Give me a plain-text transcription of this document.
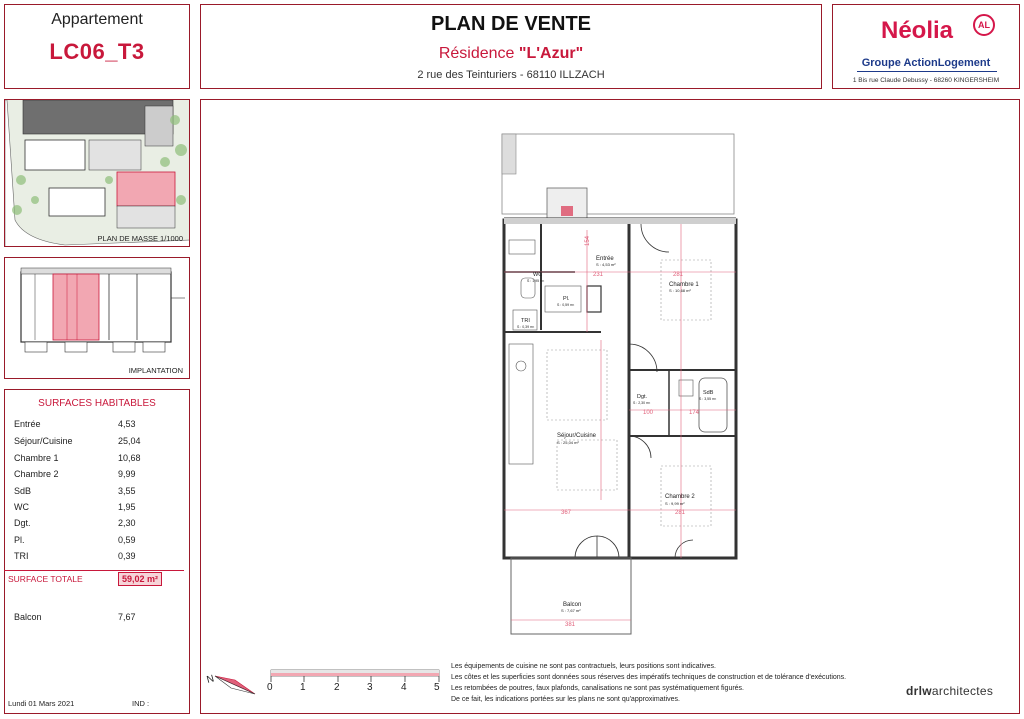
Appartement
LC06_T3
PLAN DE VENTE
Résidence "L'Azur"
2 rue des Teinturiers - 68110 ILLZACH
Néolia	AL
Groupe ActionLogement
1 Bis rue Claude Debussy - 68260 KINGERSHEIM
PLAN DE MASSE 1/1000
IMPLANTATION
SURFACES HABITABLES
Entrée	4,53
Séjour/Cuisine	25,04
Chambre 1	10,68
Chambre 2	9,99
SdB	3,55
WC	1,95
Dgt.	2,30
Pl.	0,59
TRI	0,39
SURFACE TOTALE	59,02 m²
Balcon	7,67
Lundi 01 Mars 2021	IND :
Entrée
S : 4,53 m²
Chambre 1
S : 10,68 m²
WC
S : 1,95 m²
Pl.
S : 0,59 m²
TRI
S : 0,39 m²
SdB
S : 3,55 m²
Dgt.
S : 2,30 m²
Séjour/Cuisine
S : 25,04 m²
Chambre 2
S : 9,99 m²
Balcon
S : 7,67 m²
231
154
281
100	174
367	281
381
N
0	1	2	3	4	5
Les équipements de cuisine ne sont pas contractuels, leurs positions sont indicatives.
Les côtes et les superficies sont données sous réserves des impératifs techniques de construction et de tolérance d'exécutions.
Les retombées de poutres, faux plafonds, canalisations ne sont pas systématiquement figurés.
De ce fait, les indications portées sur les plans ne sont qu'approximatives.
drlwarchitectes
